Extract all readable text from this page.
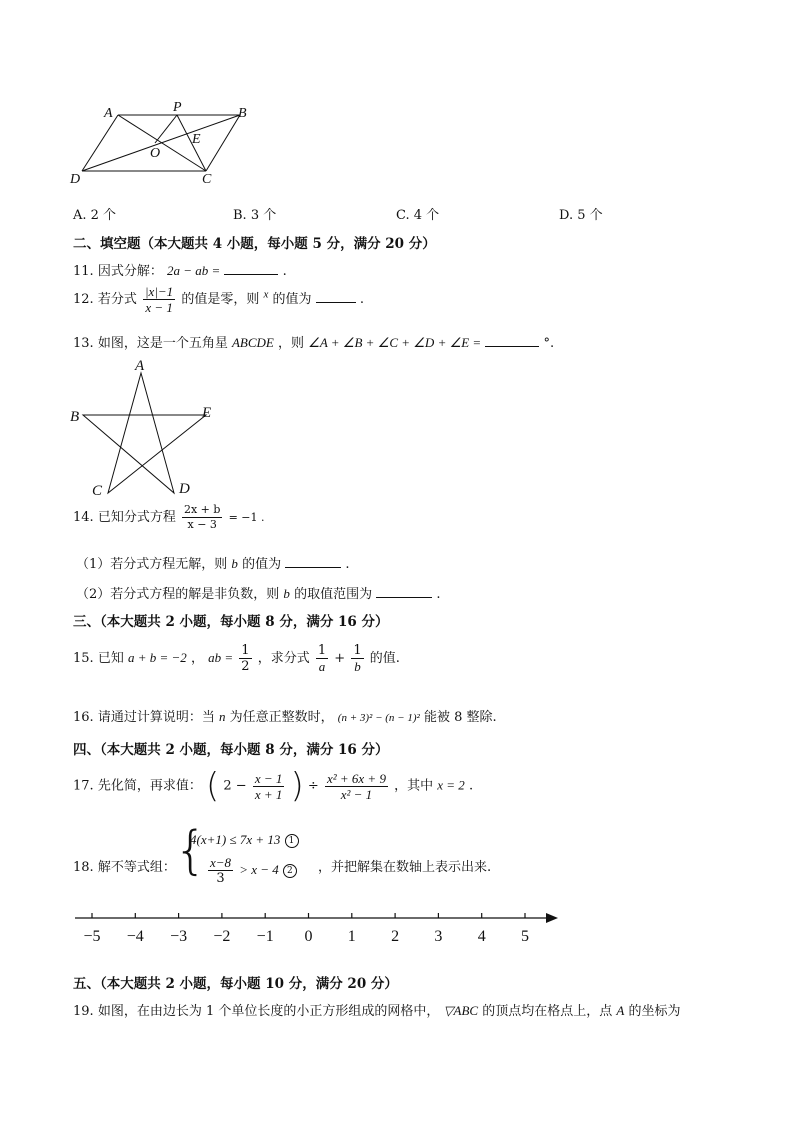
A	P	B
E
O
D	C
A. 2 个	B. 3 个	C. 4 个	D. 5 个
二、填空题（本大题共 4 小题，每小题 5 分，满分 20 分）
11. 因式分解： 2a − ab =	.
12. 若分式 $\frac{|x|-1}{x - 1}$ 的值是零，则 $^x$ 的值为	.
13. 如图，这是一个五角星 ABCDE ，则 ∠A + ∠B + ∠C + ∠D + ∠E =	°.
A
B	E
C	D
14. 已知分式方程 $\frac{2x + b}{x - 3} = -1$ .
（1）若分式方程无解，则 b 的值为	.
（2）若分式方程的解是非负数，则 b 的取值范围为	.
三、（本大题共 2 小题，每小题 8 分，满分 16 分）
15. 已知 a + b = −2 ， ab = $\frac{1}{2}$ ，求分式 $\frac{1}{a} + \frac{1}{b}$ 的值.
16. 请通过计算说明：当 n 为任意正整数时， (n + 3)² − (n − 1)² 能被 8 整除.
四、（本大题共 2 小题，每小题 8 分，满分 16 分）
17. 先化简，再求值： ( $2 - \frac{x - 1}{x + 1}$ ) ÷ $\frac{\text{x² + 6x + 9}}{\text{x² − 1}}$ ，其中 x = 2 .
18. 解不等式组：
{
4(x+1) ≤ 7x + 13 1
$\frac{x-8}{3} > x - 4$ 2	，并把解集在数轴上表示出来.
−5 −4 −3 −2 −1 0 1 2 3 4 5
五、（本大题共 2 小题，每小题 10 分，满分 20 分）
19. 如图，在由边长为 1 个单位长度的小正方形组成的网格中， ▽ABC 的顶点均在格点上，点 A 的坐标为
